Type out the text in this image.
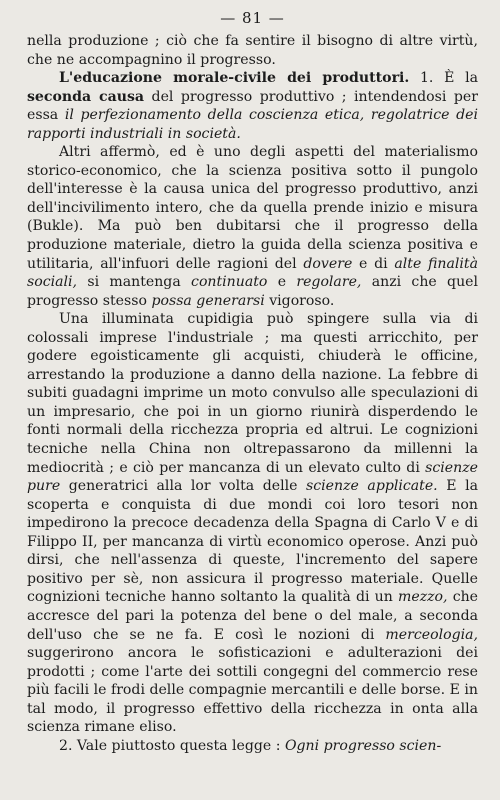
— 81 —

nella produzione ; ciò che fa sentire il bisogno di altre virtù, che ne accompagnino il progresso.

L'educazione morale-civile dei produttori. 1. È la seconda causa del progresso produttivo ; intendendosi per essa il perfezionamento della coscienza etica, regolatrice dei rapporti industriali in società.

Altri affermò, ed è uno degli aspetti del materialismo storico-economico, che la scienza positiva sotto il pungolo dell'interesse è la causa unica del progresso produttivo, anzi dell'incivilimento intero, che da quella prende inizio e misura (Bukle). Ma può ben dubitarsi che il progresso della produzione materiale, dietro la guida della scienza positiva e utilitaria, all'infuori delle ragioni del dovere e di alte finalità sociali, si mantenga continuato e regolare, anzi che quel progresso stesso possa generarsi vigoroso.

Una illuminata cupidigia può spingere sulla via di colossali imprese l'industriale ; ma questi arricchito, per godere egoisticamente gli acquisti, chiuderà le officine, arrestando la produzione a danno della nazione. La febbre di subiti guadagni imprime un moto convulso alle speculazioni di un impresario, che poi in un giorno riunirà disperdendo le fonti normali della ricchezza propria ed altrui. Le cognizioni tecniche nella China non oltrepassarono da millenni la mediocrità ; e ciò per mancanza di un elevato culto di scienze pure generatrici alla lor volta delle scienze applicate. E la scoperta e conquista di due mondi coi loro tesori non impedirono la precoce decadenza della Spagna di Carlo V e di Filippo II, per mancanza di virtù economico operose. Anzi può dirsi, che nell'assenza di queste, l'incremento del sapere positivo per sè, non assicura il progresso materiale. Quelle cognizioni tecniche hanno soltanto la qualità di un mezzo, che accresce del pari la potenza del bene o del male, a seconda dell'uso che se ne fa. E così le nozioni di merceologia, suggerirono ancora le sofisticazioni e adulterazioni dei prodotti ; come l'arte dei sottili congegni del commercio rese più facili le frodi delle compagnie mercantili e delle borse. E in tal modo, il progresso effettivo della ricchezza in onta alla scienza rimane eliso.

2. Vale piuttosto questa legge : Ogni progresso scien-
